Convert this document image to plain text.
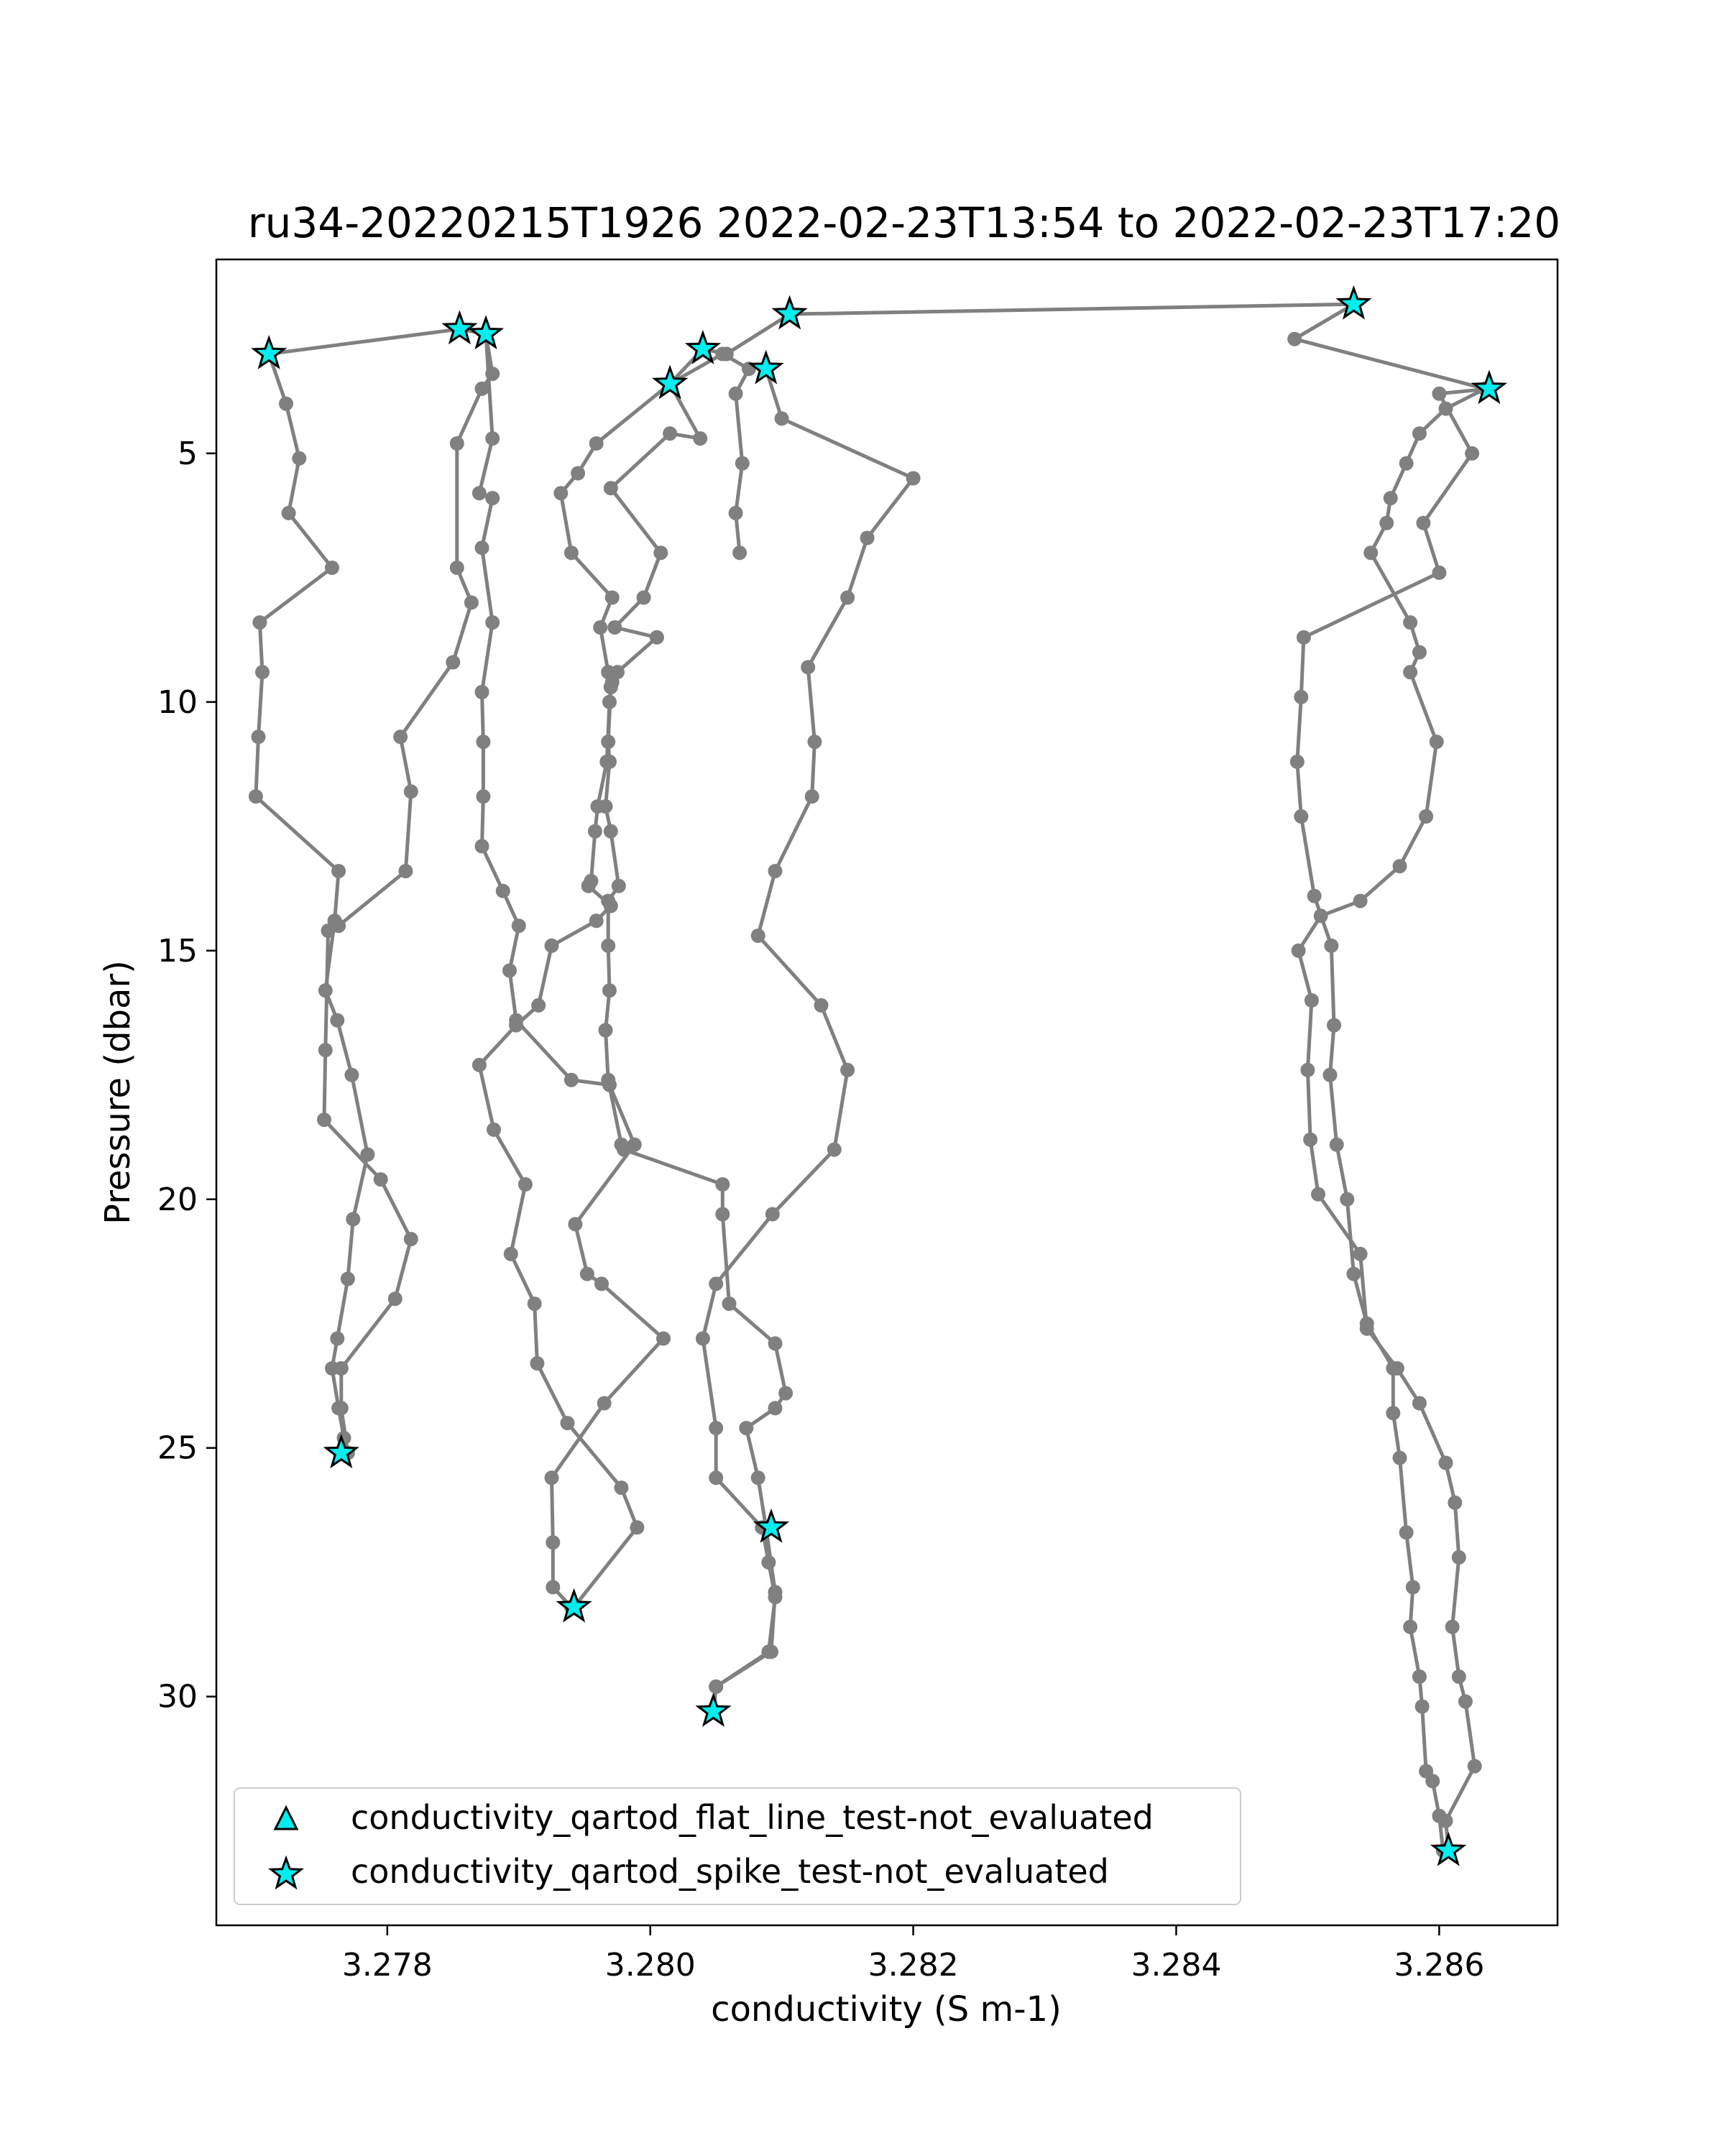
ru34-20220215T1926 2022-02-23T13:54 to 2022-02-23T17:20
3.278	3.280	3.282	3.284	3.286
5
10
15
20
25
30
conductivity (S m-1)
Pressure (dbar)
conductivity_qartod_flat_line_test-not_evaluated
conductivity_qartod_spike_test-not_evaluated
